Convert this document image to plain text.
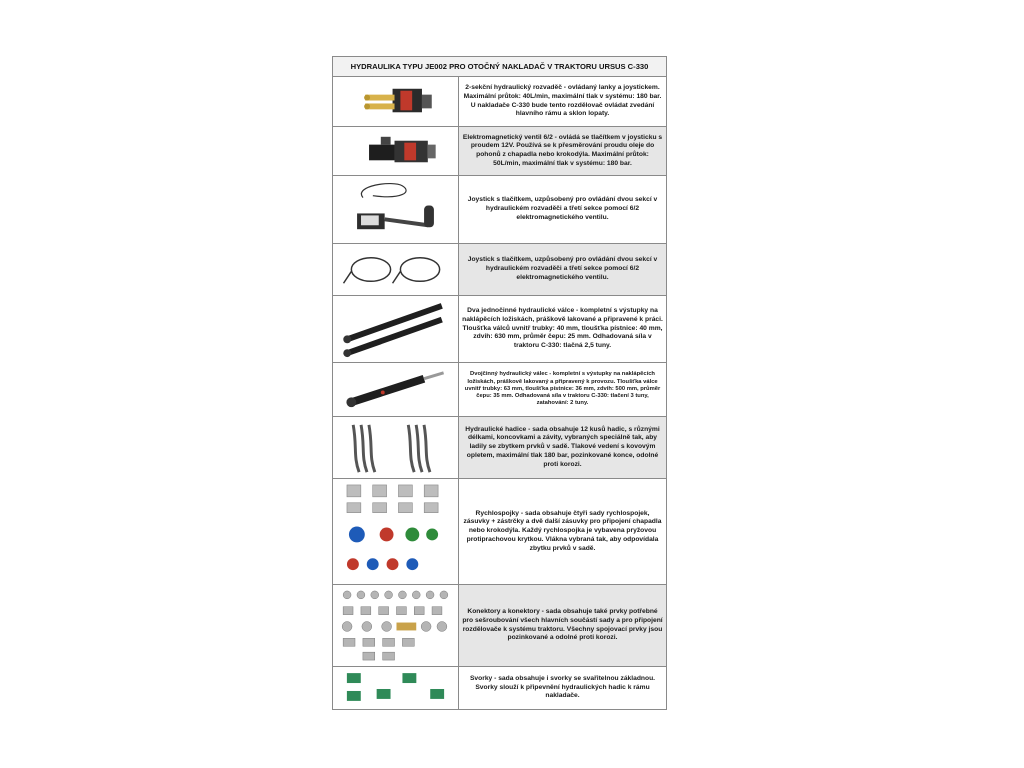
HYDRAULIKA TYPU JE002 PRO OTOČNÝ NAKLADAČ V TRAKTORU URSUS C-330
2-sekční hydraulický rozvaděč - ovládaný lanky a joystickem. Maximální průtok: 40L/min, maximální tlak v systému: 180 bar. U nakladače C-330 bude tento rozdělovač ovládat zvedání hlavního rámu a sklon lopaty.
Elektromagnetický ventil 6/2 - ovládá se tlačítkem v joysticku s proudem 12V. Používá se k přesměrování proudu oleje do pohonů z chapadla nebo krokodýla. Maximální průtok: 50L/min, maximální tlak v systému: 180 bar.
Joystick s tlačítkem, uzpůsobený pro ovládání dvou sekcí v hydraulickém rozvaděči a třetí sekce pomocí 6/2 elektromagnetického ventilu.
Joystick s tlačítkem, uzpůsobený pro ovládání dvou sekcí v hydraulickém rozvaděči a třetí sekce pomocí 6/2 elektromagnetického ventilu.
Dva jednočinné hydraulické válce - kompletní s výstupky na naklápěcích ložiskách, práškově lakované a připravené k práci. Tloušťka válců uvnitř trubky: 40 mm, tloušťka pístnice: 40 mm, zdvih: 630 mm, průměr čepu: 25 mm. Odhadovaná síla v traktoru C-330: tlačná 2,5 tuny.
Dvojčinný hydraulický válec - kompletní s výstupky na naklápěcích ložiskách, práškově lakovaný a připravený k provozu. Tloušťka válce uvnitř trubky: 63 mm, tloušťka pístnice: 36 mm, zdvih: 500 mm, průměr čepu: 35 mm. Odhadovaná síla v traktoru C-330: tlačení 3 tuny, zatahování: 2 tuny.
Hydraulické hadice - sada obsahuje 12 kusů hadic, s různými délkami, koncovkami a závity, vybraných speciálně tak, aby ladily se zbytkem prvků v sadě. Tlakové vedení s kovovým opletem, maximální tlak 180 bar, pozinkované konce, odolné proti korozi.
Rychlospojky - sada obsahuje čtyři sady rychlospojek, zásuvky + zástrčky a dvě další zásuvky pro připojení chapadla nebo krokodýla. Každý rychlospojka je vybavena pryžovou protiprachovou krytkou. Vlákna vybraná tak, aby odpovídala zbytku prvků v sadě.
Konektory a konektory - sada obsahuje také prvky potřebné pro sešroubování všech hlavních součástí sady a pro připojení rozdělovače k systému traktoru. Všechny spojovací prvky jsou pozinkované a odolné proti korozi.
Svorky - sada obsahuje i svorky se svařitelnou základnou. Svorky slouží k připevnění hydraulických hadic k rámu nakladače.
